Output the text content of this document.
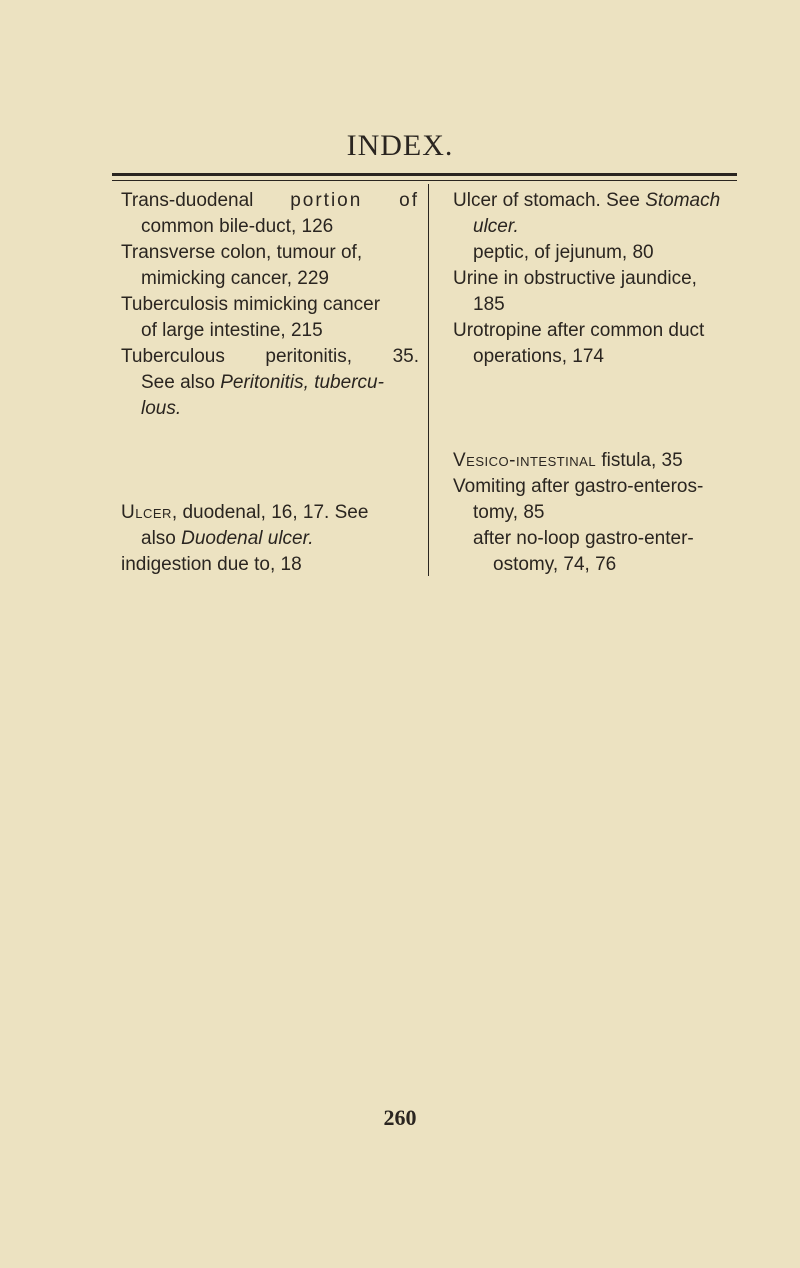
INDEX.
Trans-duodenal portion of
common bile-duct, 126
Transverse colon, tumour of,
mimicking cancer, 229
Tuberculosis mimicking cancer
of large intestine, 215
Tuberculous peritonitis, 35.
See also Peritonitis, tubercu-
lous.
Ulcer, duodenal, 16, 17. See
also Duodenal ulcer.
indigestion due to, 18
Ulcer of stomach. See Stomach
ulcer.
peptic, of jejunum, 80
Urine in obstructive jaundice,
185
Urotropine after common duct
operations, 174
Vesico-intestinal fistula, 35
Vomiting after gastro-enteros-
tomy, 85
after no-loop gastro-enter-
ostomy, 74, 76
260
